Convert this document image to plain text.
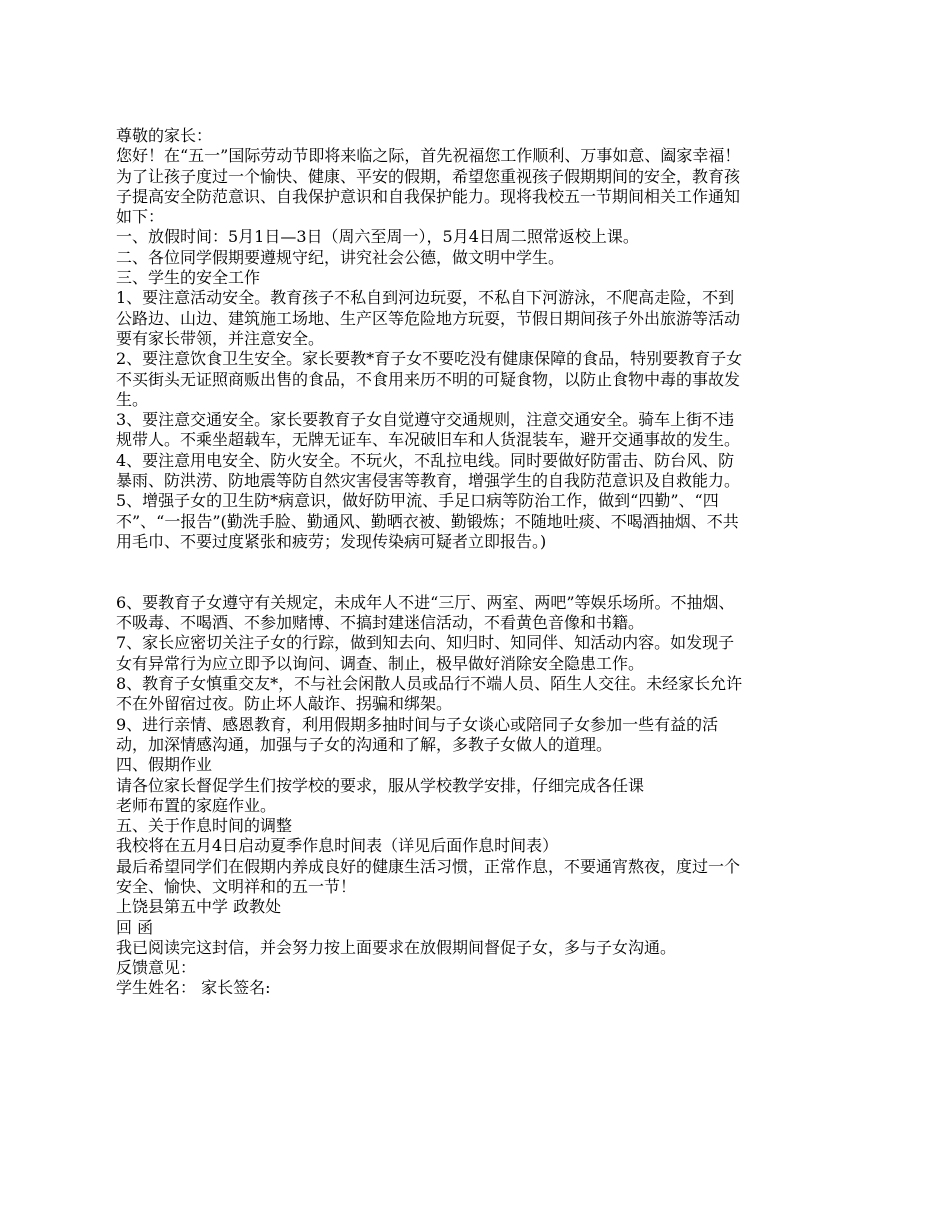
尊敬的家长：
您好！在“五一”国际劳动节即将来临之际，首先祝福您工作顺利、万事如意、阖家幸福！
为了让孩子度过一个愉快、健康、平安的假期，希望您重视孩子假期期间的安全，教育孩
子提高安全防范意识、自我保护意识和自我保护能力。现将我校五一节期间相关工作通知
如下：
一、放假时间：5月1日—3日（周六至周一），5月4日周二照常返校上课。
二、各位同学假期要遵规守纪，讲究社会公德，做文明中学生。
三、学生的安全工作
1、要注意活动安全。教育孩子不私自到河边玩耍，不私自下河游泳，不爬高走险，不到
公路边、山边、建筑施工场地、生产区等危险地方玩耍，节假日期间孩子外出旅游等活动
要有家长带领，并注意安全。
2、要注意饮食卫生安全。家长要教*育子女不要吃没有健康保障的食品，特别要教育子女
不买街头无证照商贩出售的食品，不食用来历不明的可疑食物，以防止食物中毒的事故发
生。
3、要注意交通安全。家长要教育子女自觉遵守交通规则，注意交通安全。骑车上街不违
规带人。不乘坐超载车，无牌无证车、车况破旧车和人货混装车，避开交通事故的发生。
4、要注意用电安全、防火安全。不玩火，不乱拉电线。同时要做好防雷击、防台风、防
暴雨、防洪涝、防地震等防自然灾害侵害等教育，增强学生的自我防范意识及自救能力。
5、增强子女的卫生防*病意识，做好防甲流、手足口病等防治工作，做到“四勤”、“四
不”、“一报告”(勤洗手脸、勤通风、勤晒衣被、勤锻炼；不随地吐痰、不喝酒抽烟、不共
用毛巾、不要过度紧张和疲劳；发现传染病可疑者立即报告。)
6、要教育子女遵守有关规定，未成年人不进“三厅、两室、两吧”等娱乐场所。不抽烟、
不吸毒、不喝酒、不参加赌博、不搞封建迷信活动，不看黄色音像和书籍。
7、家长应密切关注子女的行踪，做到知去向、知归时、知同伴、知活动内容。如发现子
女有异常行为应立即予以询问、调查、制止，极早做好消除安全隐患工作。
8、教育子女慎重交友*，不与社会闲散人员或品行不端人员、陌生人交往。未经家长允许
不在外留宿过夜。防止坏人敲诈、拐骗和绑架。
9、进行亲情、感恩教育，利用假期多抽时间与子女谈心或陪同子女参加一些有益的活
动，加深情感沟通，加强与子女的沟通和了解，多教子女做人的道理。
四、假期作业
请各位家长督促学生们按学校的要求，服从学校教学安排，仔细完成各任课
老师布置的家庭作业。
五、关于作息时间的调整
我校将在五月4日启动夏季作息时间表（详见后面作息时间表）
最后希望同学们在假期内养成良好的健康生活习惯，正常作息，不要通宵熬夜，度过一个
安全、愉快、文明祥和的五一节！
上饶县第五中学 政教处
回 函
我已阅读完这封信，并会努力按上面要求在放假期间督促子女，多与子女沟通。
反馈意见：
学生姓名： 家长签名:
